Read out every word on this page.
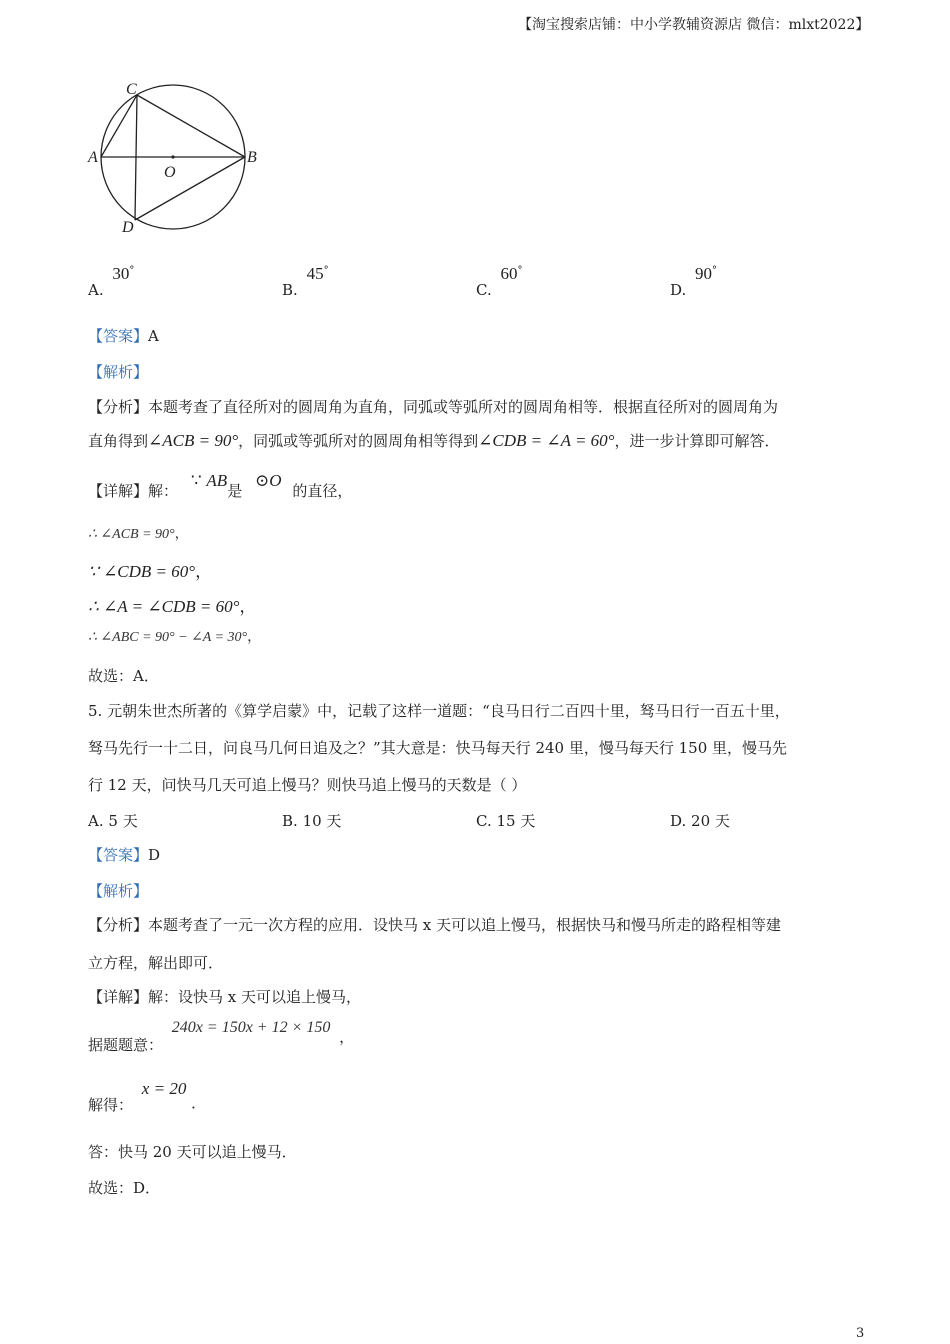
【淘宝搜索店铺：中小学教辅资源店 微信：mlxt2022】
C
A	B
O
D
A. 30°
B. 45°
C. 60°
D. 90°
【答案】A
【解析】
【分析】本题考查了直径所对的圆周角为直角，同弧或等弧所对的圆周角相等．根据直径所对的圆周角为
直角得到∠ACB = 90°，同弧或等弧所对的圆周角相等得到∠CDB = ∠A = 60°，进一步计算即可解答．
【详解】解： ∵ AB是 ⊙O 的直径，
∴ ∠ACB = 90°，
∵ ∠CDB = 60°，
∴ ∠A = ∠CDB = 60°，
∴ ∠ABC = 90° − ∠A = 30°，
故选：A．
5. 元朝朱世杰所著的《算学启蒙》中，记载了这样一道题：“良马日行二百四十里，驽马日行一百五十里，
驽马先行一十二日，问良马几何日追及之？”其大意是：快马每天行 240 里，慢马每天行 150 里，慢马先
行 12 天，问快马几天可追上慢马？则快马追上慢马的天数是（ ）
A. 5 天	B. 10 天	C. 15 天	D. 20 天
【答案】D
【解析】
【分析】本题考查了一元一次方程的应用．设快马 x 天可以追上慢马，根据快马和慢马所走的路程相等建
立方程，解出即可．
【详解】解：设快马 x 天可以追上慢马，
据题题意： 240x = 150x + 12 × 150 ，
解得： x = 20 ．
答：快马 20 天可以追上慢马．
故选：D．
3
